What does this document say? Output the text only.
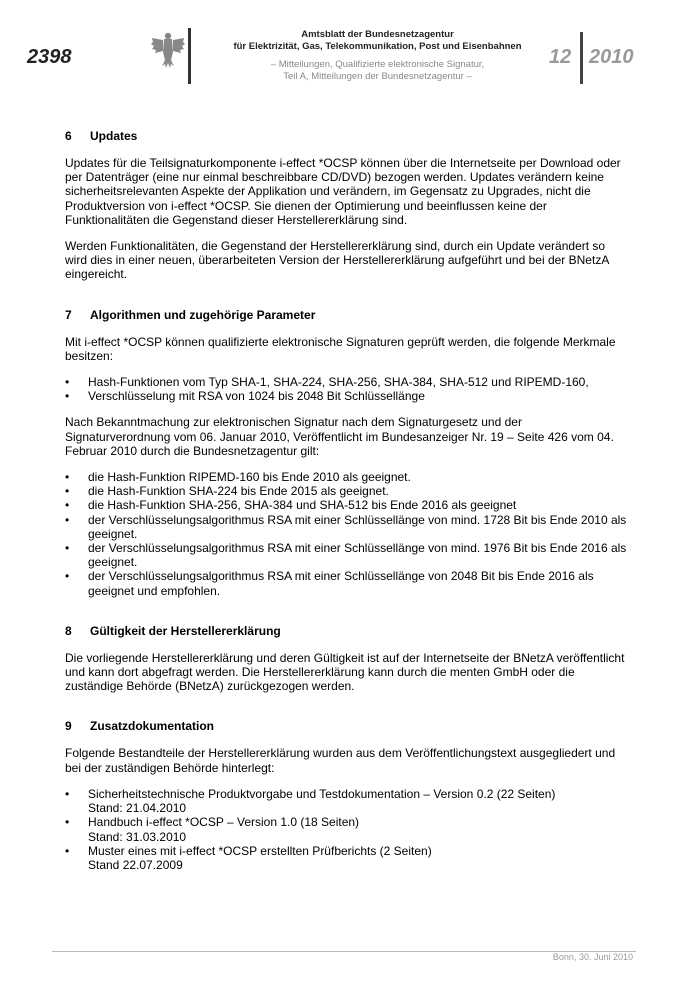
2398
Amtsblatt der Bundesnetzagentur
für Elektrizität, Gas, Telekommunikation, Post und Eisenbahnen
– Mitteilungen, Qualifizierte elektronische Signatur,
Teil A, Mitteilungen der Bundesnetzagentur –
12 2010
6 Updates

Updates für die Teilsignaturkomponente i-effect *OCSP können über die Internetseite per Download oder per Datenträger (eine nur einmal beschreibbare CD/DVD) bezogen werden. Updates verändern keine sicherheitsrelevanten Aspekte der Applikation und verändern, im Gegensatz zu Upgrades, nicht die Produktversion von i-effect *OCSP. Sie dienen der Optimierung und beeinflussen keine der Funktionalitäten die Gegenstand dieser Herstellererklärung sind.

Werden Funktionalitäten, die Gegenstand der Herstellererklärung sind, durch ein Update verändert so wird dies in einer neuen, überarbeiteten Version der Herstellererklärung aufgeführt und bei der BNetzA eingereicht.

7 Algorithmen und zugehörige Parameter

Mit i-effect *OCSP können qualifizierte elektronische Signaturen geprüft werden, die folgende Merkmale besitzen:

• Hash-Funktionen vom Typ SHA-1, SHA-224, SHA-256, SHA-384, SHA-512 und RIPEMD-160,
• Verschlüsselung mit RSA von 1024 bis 2048 Bit Schlüssellänge

Nach Bekanntmachung zur elektronischen Signatur nach dem Signaturgesetz und der Signaturverordnung vom 06. Januar 2010, Veröffentlicht im Bundesanzeiger Nr. 19 – Seite 426 vom 04. Februar 2010 durch die Bundesnetzagentur gilt:

• die Hash-Funktion RIPEMD-160 bis Ende 2010 als geeignet.
• die Hash-Funktion SHA-224 bis Ende 2015 als geeignet.
• die Hash-Funktion SHA-256, SHA-384 und SHA-512 bis Ende 2016 als geeignet
• der Verschlüsselungsalgorithmus RSA mit einer Schlüssellänge von mind. 1728 Bit bis Ende 2010 als geeignet.
• der Verschlüsselungsalgorithmus RSA mit einer Schlüssellänge von mind. 1976 Bit bis Ende 2016 als geeignet.
• der Verschlüsselungsalgorithmus RSA mit einer Schlüssellänge von 2048 Bit bis Ende 2016 als geeignet und empfohlen.
8 Gültigkeit der Herstellererklärung

Die vorliegende Herstellererklärung und deren Gültigkeit ist auf der Internetseite der BNetzA veröffentlicht und kann dort abgefragt werden. Die Herstellererklärung kann durch die menten GmbH oder die zuständige Behörde (BNetzA) zurückgezogen werden.

9 Zusatzdokumentation

Folgende Bestandteile der Herstellererklärung wurden aus dem Veröffentlichungstext ausgegliedert und bei der zuständigen Behörde hinterlegt:

• Sicherheitstechnische Produktvorgabe und Testdokumentation – Version 0.2 (22 Seiten)
Stand: 21.04.2010
• Handbuch i-effect *OCSP – Version 1.0 (18 Seiten)
Stand: 31.03.2010
• Muster eines mit i-effect *OCSP erstellten Prüfberichts (2 Seiten)
Stand 22.07.2009
Bonn, 30. Juni 2010
